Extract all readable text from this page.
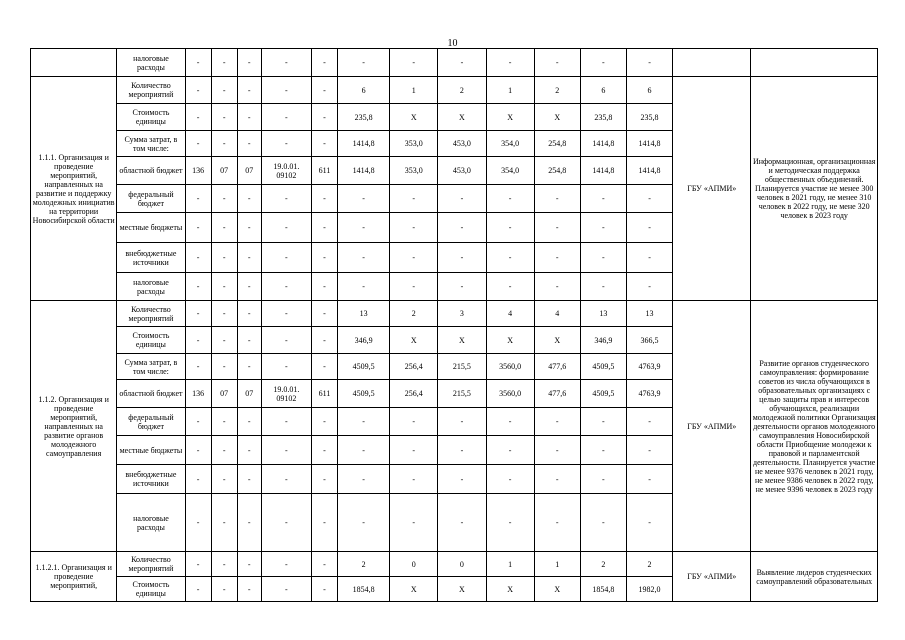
10
	налоговые расходы	-	-	-	-	-	-	-	-	-	-	-	-		
1.1.1. Организация и проведение мероприятий, направленных на развитие и поддержку молодежных инициатив на территории Новосибирской области	Количество мероприятий	-	-	-	-	-	6	1	2	1	2	6	6	ГБУ «АПМИ»	Информационная, организационная и методическая поддержка общественных объединений. Планируется участие не менее 300 человек в 2021 году, не менее 310 человек в 2022 году, не мене 320 человек в 2023 году
	Стоимость единицы	-	-	-	-	-	235,8	X	X	X	X	235,8	235,8		
	Сумма затрат, в том числе:	-	-	-	-	-	1414,8	353,0	453,0	354,0	254,8	1414,8	1414,8		
	областной бюджет	136	07	07	19.0.01. 09102	611	1414,8	353,0	453,0	354,0	254,8	1414,8	1414,8		
	федеральный бюджет	-	-	-	-	-	-	-	-	-	-	-	-		
	местные бюджеты	-	-	-	-	-	-	-	-	-	-	-	-		
	внебюджетные источники	-	-	-	-	-	-	-	-	-	-	-	-		
	налоговые расходы	-	-	-	-	-	-	-	-	-	-	-	-		
1.1.2. Организация и проведение мероприятий, направленных на развитие органов молодежного самоуправления	Количество мероприятий	-	-	-	-	-	13	2	3	4	4	13	13	ГБУ «АПМИ»	Развитие органов студенческого самоуправления: формирование советов из числа обучающихся в образовательных организациях с целью защиты прав и интересов обучающихся, реализации молодежной политики Организация деятельности органов молодежного самоуправления Новосибирской области Приобщение молодежи к правовой и парламентской деятельности. Планируется участие не менее 9376 человек в 2021 году, не менее 9386 человек в 2022 году, не менее 9396 человек в 2023 году
	Стоимость единицы	-	-	-	-	-	346,9	X	X	X	X	346,9	366,5		
	Сумма затрат, в том числе:	-	-	-	-	-	4509,5	256,4	215,5	3560,0	477,6	4509,5	4763,9		
	областной бюджет	136	07	07	19.0.01. 09102	611	4509,5	256,4	215,5	3560,0	477,6	4509,5	4763,9		
	федеральный бюджет	-	-	-	-	-	-	-	-	-	-	-	-		
	местные бюджеты	-	-	-	-	-	-	-	-	-	-	-	-		
	внебюджетные источники	-	-	-	-	-	-	-	-	-	-	-	-		
	налоговые расходы	-	-	-	-	-	-	-	-	-	-	-	-		
1.1.2.1. Организация и проведение мероприятий,	Количество мероприятий	-	-	-	-	-	2	0	0	1	1	2	2	ГБУ «АПМИ»	Выявление лидеров студенческих самоуправлений образовательных
	Стоимость единицы	-	-	-	-	-	1854,8	X	X	X	X	1854,8	1982,0		
